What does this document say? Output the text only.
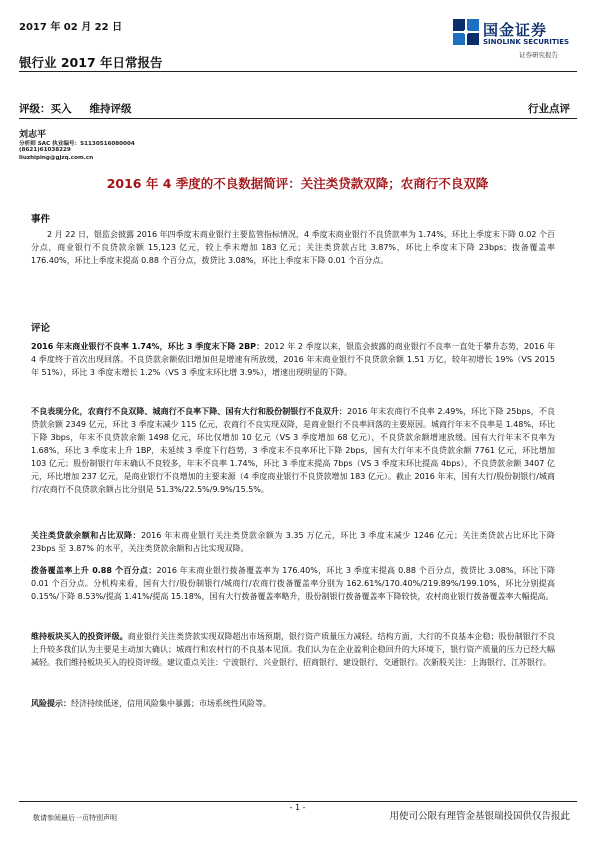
2017 年 02 月 22 日
银行业 2017 年日常报告
国金证券
SINOLINK SECURITIES
证券研究报告
评级：买入 维持评级	行业点评
刘志平
分析师 SAC 执业编号：S1130516080004
(8621)61038229
liuzhiping@gjzq.com.cn
2016 年 4 季度的不良数据简评：关注类贷款双降；农商行不良双降
事件
2 月 22 日，银监会披露 2016 年四季度末商业银行主要监管指标情况，4 季度末商业银行不良贷款率为 1.74%，环比上季度末下降 0.02 个百分点，商业银行不良贷款余额 15,123 亿元，较上季末增加 183 亿元；关注类贷款占比 3.87%，环比上季度末下降 23bps；拨备覆盖率 176.40%，环比上季度末提高 0.88 个百分点，拨贷比 3.08%，环比上季度末下降 0.01 个百分点。
评论
2016 年末商业银行不良率 1.74%，环比 3 季度末下降 2BP：2012 年 2 季度以来，银监会披露的商业银行不良率一直处于攀升态势，2016 年 4 季度终于首次出现回落。不良贷款余额依旧增加但是增速有所放缓，2016 年末商业银行不良贷款余额 1.51 万亿，较年初增长 19%（VS 2015 年 51%），环比 3 季度末增长 1.2%（VS 3 季度末环比增 3.9%），增速出现明显的下降。
不良表现分化，农商行不良双降、城商行不良率下降、国有大行和股份制银行不良双升：2016 年末农商行不良率 2.49%，环比下降 25bps，不良贷款余额 2349 亿元，环比 3 季度末减少 115 亿元，农商行不良实现双降，是商业银行不良率回落的主要原因。城商行年末不良率是 1.48%，环比下降 3bps，年末不良贷款余额 1498 亿元，环比仅增加 10 亿元（VS 3 季度增加 68 亿元），不良贷款余额增速放缓。国有大行年末不良率为 1.68%，环比 3 季度末上升 1BP，未延续 3 季度下行趋势，3 季度末不良率环比下降 2bps，国有大行年末不良贷款余额 7761 亿元，环比增加 103 亿元；股份制银行年末确认不良较多，年末不良率 1.74%，环比 3 季度末提高 7bps（VS 3 季度末环比提高 4bps），不良贷款余额 3407 亿元，环比增加 237 亿元，是商业银行不良增加的主要来源（4 季度商业银行不良贷款增加 183 亿元）。截止 2016 年末，国有大行/股份制银行/城商行/农商行不良贷款余额占比分别是 51.3%/22.5%/9.9%/15.5%。
关注类贷款余额和占比双降：2016 年末商业银行关注类贷款余额为 3.35 万亿元，环比 3 季度末减少 1246 亿元；关注类贷款占比环比下降 23bps 至 3.87% 的水平，关注类贷款余额和占比实现双降。
拨备覆盖率上升 0.88 个百分点：2016 年末商业银行拨备覆盖率为 176.40%，环比 3 季度末提高 0.88 个百分点，拨贷比 3.08%，环比下降 0.01 个百分点。分机构来看，国有大行/股份制银行/城商行/农商行拨备覆盖率分别为 162.61%/170.40%/219.89%/199.10%，环比分别提高 0.15%/下降 8.53%/提高 1.41%/提高 15.18%，国有大行拨备覆盖率略升，股份制银行拨备覆盖率下降较快，农村商业银行拨备覆盖率大幅提高。
维持板块买入的投资评级。商业银行关注类贷款实现双降超出市场预期，银行资产质量压力减轻。结构方面，大行的不良基本企稳；股份制银行不良上升较多我们认为主要是主动加大确认；城商行和农村行的不良基本见顶。我们认为在企业盈利企稳回升的大环境下，银行资产质量的压力已经大幅减轻。我们维持板块买入的投资评级。建议重点关注：宁波银行、兴业银行、招商银行、建设银行、交通银行。次新股关注：上海银行、江苏银行。
风险提示：经济持续低迷，信用风险集中暴露；市场系统性风险等。
- 1 -
敬请参阅最后一页特别声明	用使司公限有理管金基银瑞投国供仅告报此
